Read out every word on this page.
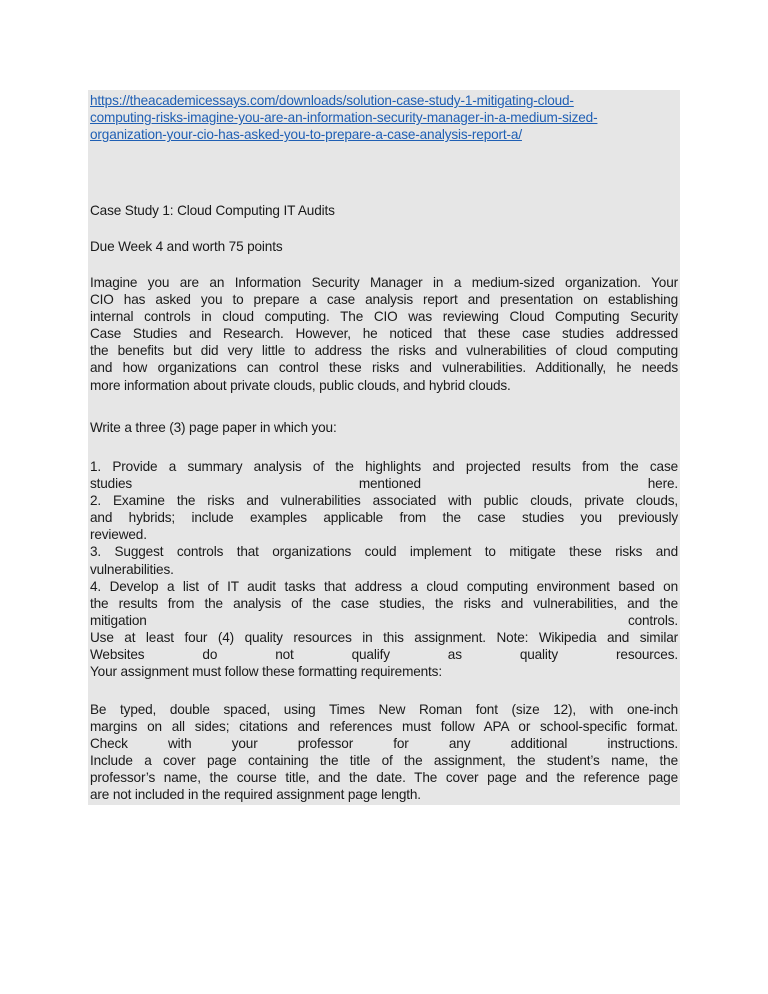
https://theacademicessays.com/downloads/solution-case-study-1-mitigating-cloud-
computing-risks-imagine-you-are-an-information-security-manager-in-a-medium-sized-
organization-your-cio-has-asked-you-to-prepare-a-case-analysis-report-a/
Case Study 1: Cloud Computing IT Audits
Due Week 4 and worth 75 points
Imagine you are an Information Security Manager in a medium-sized organization. Your
CIO has asked you to prepare a case analysis report and presentation on establishing
internal controls in cloud computing. The CIO was reviewing Cloud Computing Security
Case Studies and Research. However, he noticed that these case studies addressed
the benefits but did very little to address the risks and vulnerabilities of cloud computing
and how organizations can control these risks and vulnerabilities. Additionally, he needs
more information about private clouds, public clouds, and hybrid clouds.
Write a three (3) page paper in which you:
1. Provide a summary analysis of the highlights and projected results from the case
studies mentioned here.
2. Examine the risks and vulnerabilities associated with public clouds, private clouds,
and hybrids; include examples applicable from the case studies you previously
reviewed.
3. Suggest controls that organizations could implement to mitigate these risks and
vulnerabilities.
4. Develop a list of IT audit tasks that address a cloud computing environment based on
the results from the analysis of the case studies, the risks and vulnerabilities, and the
mitigation controls.
Use at least four (4) quality resources in this assignment. Note: Wikipedia and similar
Websites do not qualify as quality resources.
Your assignment must follow these formatting requirements:
Be typed, double spaced, using Times New Roman font (size 12), with one-inch
margins on all sides; citations and references must follow APA or school-specific format.
Check with your professor for any additional instructions.
Include a cover page containing the title of the assignment, the student’s name, the
professor’s name, the course title, and the date. The cover page and the reference page
are not included in the required assignment page length.
